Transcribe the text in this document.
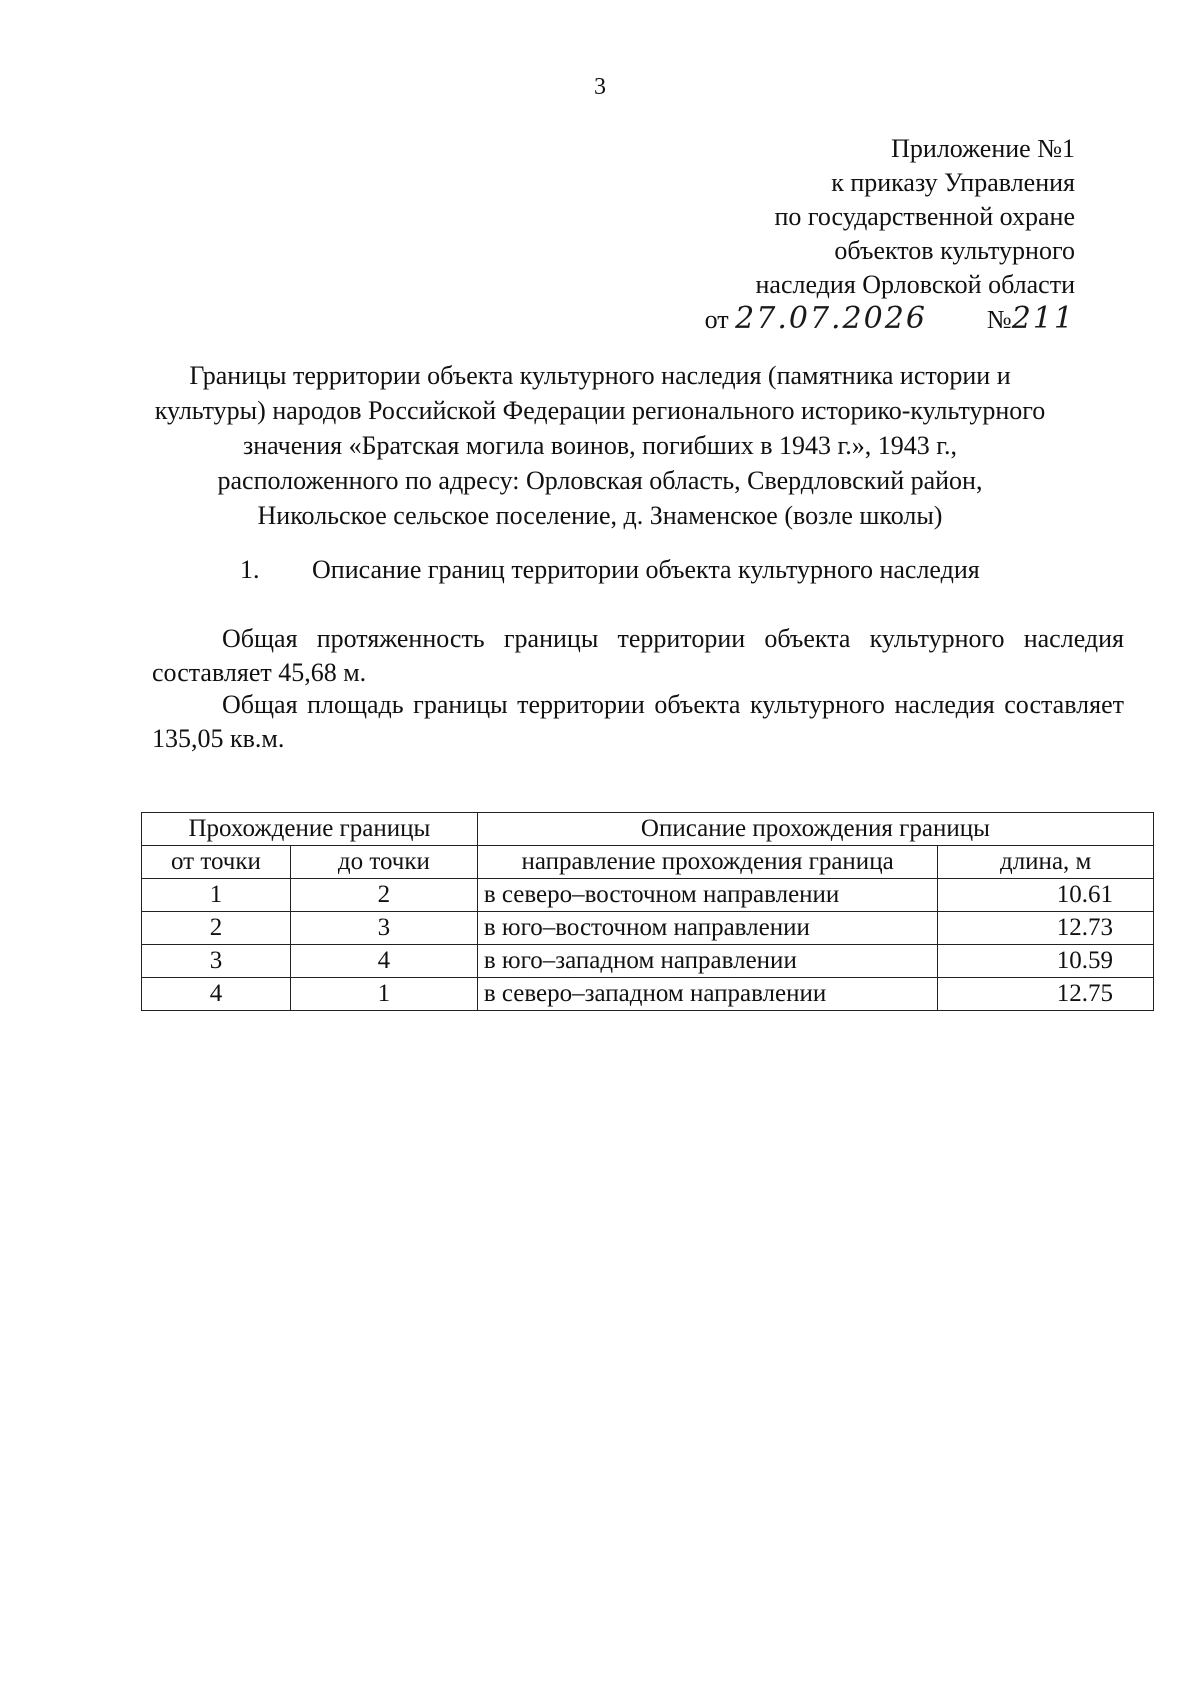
3
Приложение №1
к приказу Управления
по государственной охране
объектов культурного
наследия Орловской области
от 27.07.2026 №211
Границы территории объекта культурного наследия (памятника истории и
культуры) народов Российской Федерации регионального историко-культурного
значения «Братская могила воинов, погибших в 1943 г.», 1943 г.,
расположенного по адресу: Орловская область, Свердловский район,
Никольское сельское поселение, д. Знаменское (возле школы)
1. Описание границ территории объекта культурного наследия
Общая протяженность границы территории объекта культурного наследия составляет 45,68 м.
Общая площадь границы территории объекта культурного наследия составляет 135,05 кв.м.
Прохождение границы		Описание прохождения границы	
от точки	до точки	направление прохождения граница	длина, м
1	2	в северо–восточном направлении	10.61
2	3	в юго–восточном направлении	12.73
3	4	в юго–западном направлении	10.59
4	1	в северо–западном направлении	12.75
